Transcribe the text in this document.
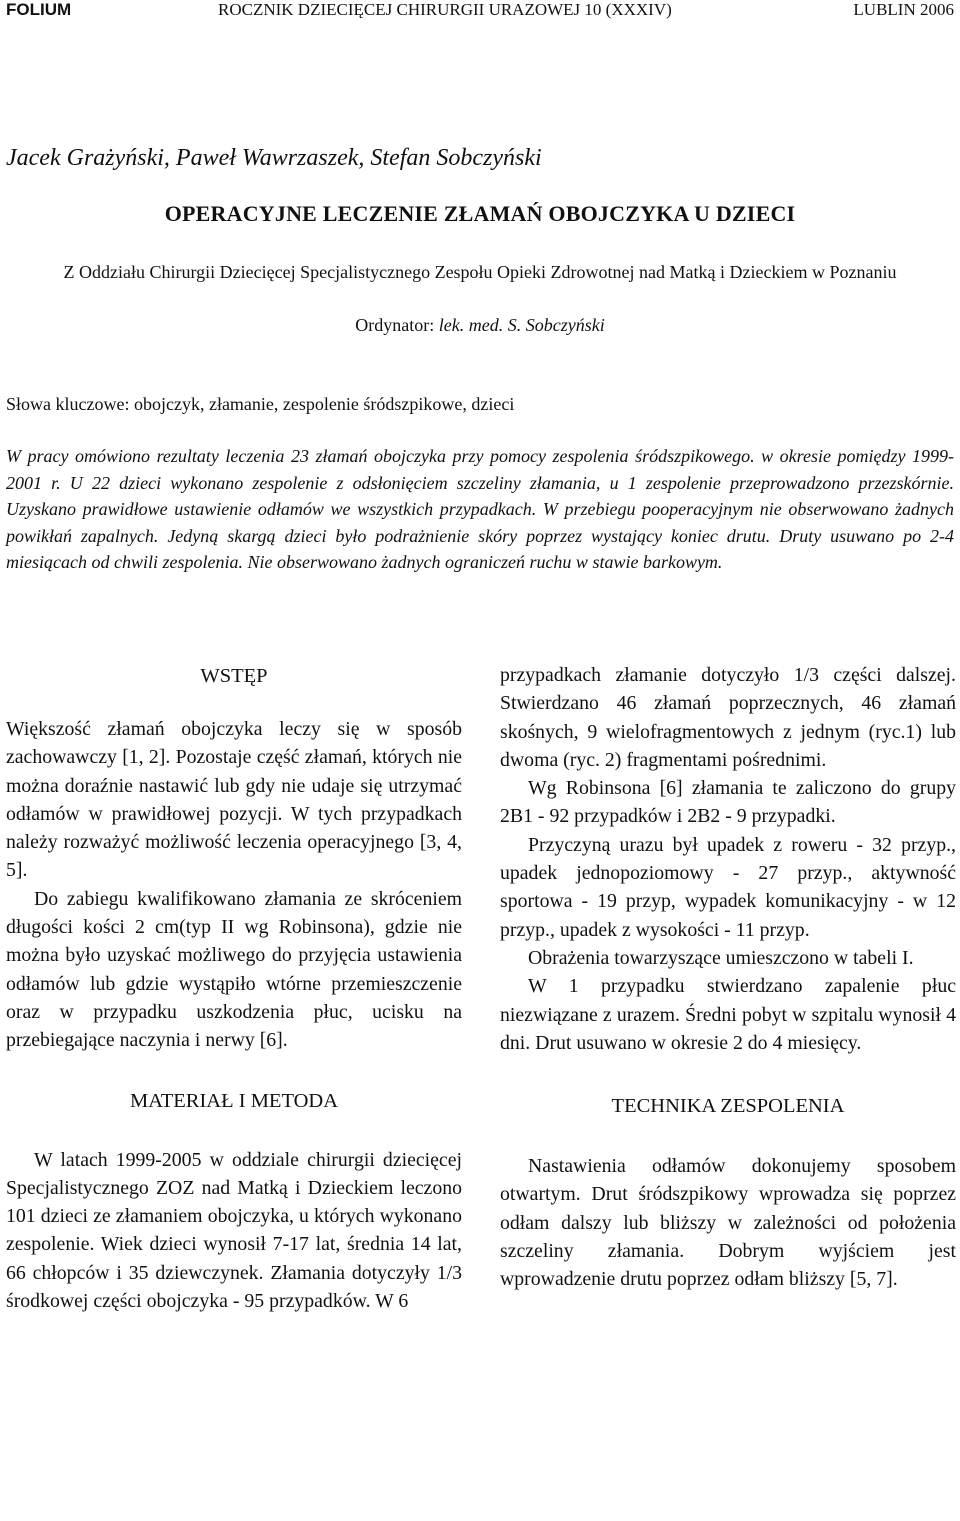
FOLIUM	ROCZNIK DZIECIĘCEJ CHIRURGII URAZOWEJ 10 (XXXIV)	LUBLIN 2006
Jacek Grażyński, Paweł Wawrzaszek, Stefan Sobczyński
OPERACYJNE LECZENIE ZŁAMAŃ OBOJCZYKA U DZIECI
Z Oddziału Chirurgii Dziecięcej Specjalistycznego Zespołu Opieki Zdrowotnej nad Matką i Dzieckiem w Poznaniu
Ordynator: lek. med. S. Sobczyński
Słowa kluczowe: obojczyk, złamanie, zespolenie śródszpikowe, dzieci
W pracy omówiono rezultaty leczenia 23 złamań obojczyka przy pomocy zespolenia śródszpikowego. w okresie pomiędzy 1999-2001 r. U 22 dzieci wykonano zespolenie z odsłonięciem szczeliny złamania, u 1 zespolenie przeprowadzono przezskórnie. Uzyskano prawidłowe ustawienie odłamów we wszystkich przypadkach. W przebiegu pooperacyjnym nie obserwowano żadnych powikłań zapalnych. Jedyną skargą dzieci było podrażnienie skóry poprzez wystający koniec drutu. Druty usuwano po 2-4 miesiącach od chwili zespolenia. Nie obserwowano żadnych ograniczeń ruchu w stawie barkowym.
WSTĘP

Większość złamań obojczyka leczy się w sposób zachowawczy [1, 2]. Pozostaje część złamań, których nie można doraźnie nastawić lub gdy nie udaje się utrzymać odłamów w prawidłowej pozycji. W tych przypadkach należy rozważyć możliwość leczenia operacyjnego [3, 4, 5].

Do zabiegu kwalifikowano złamania ze skróceniem długości kości 2 cm(typ II wg Robinsona), gdzie nie można było uzyskać możliwego do przyjęcia ustawienia odłamów lub gdzie wystąpiło wtórne przemieszczenie oraz w przypadku uszkodzenia płuc, ucisku na przebiegające naczynia i nerwy [6].

MATERIAŁ I METODA

W latach 1999-2005 w oddziale chirurgii dziecięcej Specjalistycznego ZOZ nad Matką i Dzieckiem leczono 101 dzieci ze złamaniem obojczyka, u których wykonano zespolenie. Wiek dzieci wynosił 7-17 lat, średnia 14 lat, 66 chłopców i 35 dziewczynek. Złamania dotyczyły 1/3 środkowej części obojczyka - 95 przypadków. W 6

przypadkach złamanie dotyczyło 1/3 części dalszej. Stwierdzano 46 złamań poprzecznych, 46 złamań skośnych, 9 wielofragmentowych z jednym (ryc.1) lub dwoma (ryc. 2) fragmentami pośrednimi.

Wg Robinsona [6] złamania te zaliczono do grupy 2B1 - 92 przypadków i 2B2 - 9 przypadki.

Przyczyną urazu był upadek z roweru - 32 przyp., upadek jednopoziomowy - 27 przyp., aktywność sportowa - 19 przyp, wypadek komunikacyjny - w 12 przyp., upadek z wysokości - 11 przyp.

Obrażenia towarzyszące umieszczono w tabeli I.

W 1 przypadku stwierdzano zapalenie płuc niezwiązane z urazem. Średni pobyt w szpitalu wynosił 4 dni. Drut usuwano w okresie 2 do 4 miesięcy.

TECHNIKA ZESPOLENIA

Nastawienia odłamów dokonujemy sposobem otwartym. Drut śródszpikowy wprowadza się poprzez odłam dalszy lub bliższy w zależności od położenia szczeliny złamania. Dobrym wyjściem jest wprowadzenie drutu poprzez odłam bliższy [5, 7].
